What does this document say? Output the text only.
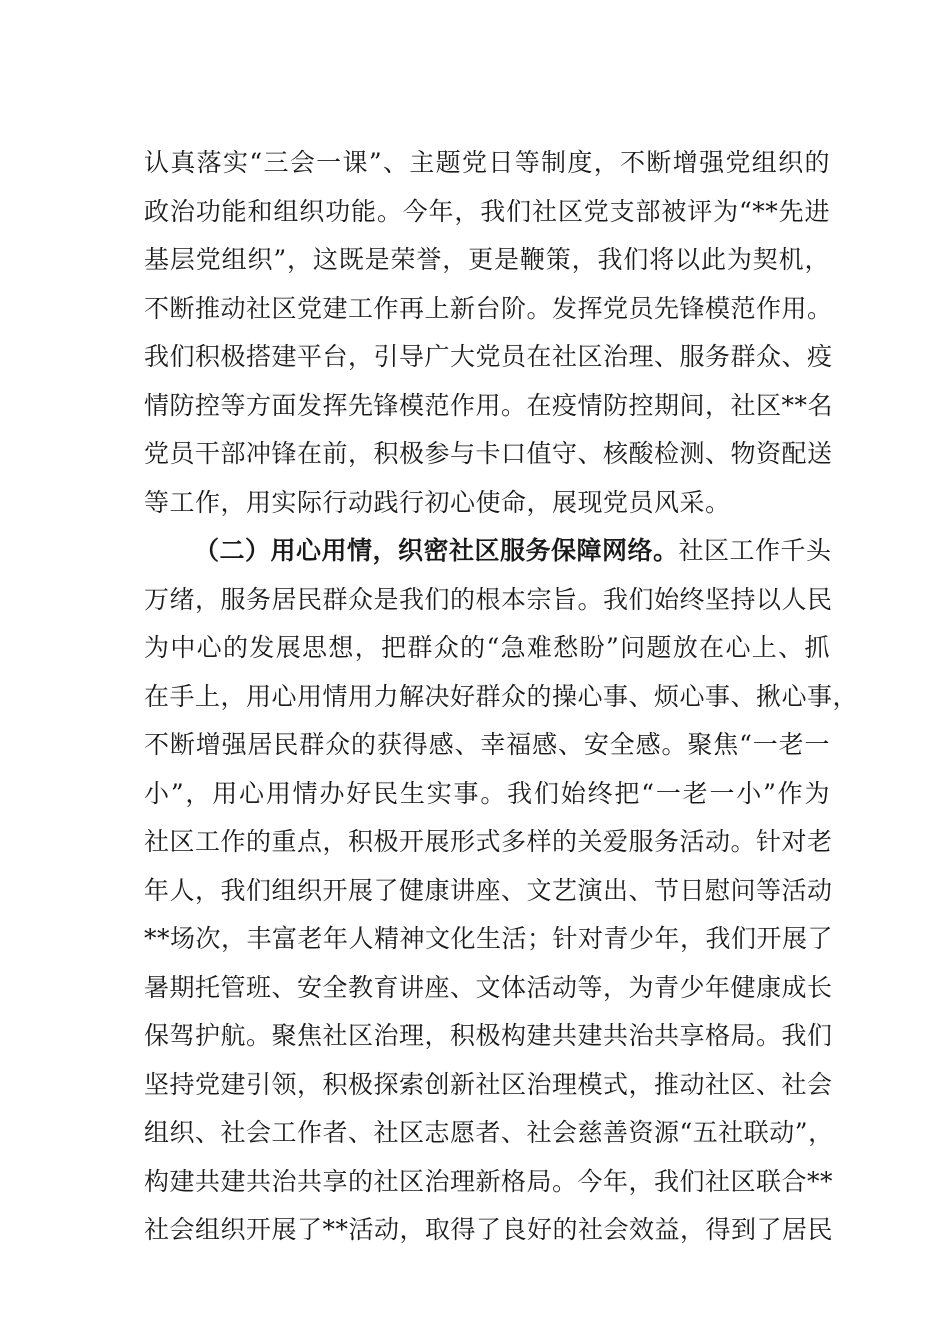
认真落实“三会一课”、主题党日等制度，不断增强党组织的
政治功能和组织功能。今年，我们社区党支部被评为“**先进
基层党组织”，这既是荣誉，更是鞭策，我们将以此为契机，
不断推动社区党建工作再上新台阶。发挥党员先锋模范作用。
我们积极搭建平台，引导广大党员在社区治理、服务群众、疫
情防控等方面发挥先锋模范作用。在疫情防控期间，社区**名
党员干部冲锋在前，积极参与卡口值守、核酸检测、物资配送
等工作，用实际行动践行初心使命，展现党员风采。
（二）用心用情，织密社区服务保障网络。社区工作千头
万绪，服务居民群众是我们的根本宗旨。我们始终坚持以人民
为中心的发展思想，把群众的“急难愁盼”问题放在心上、抓
在手上，用心用情用力解决好群众的操心事、烦心事、揪心事，
不断增强居民群众的获得感、幸福感、安全感。聚焦“一老一
小”，用心用情办好民生实事。我们始终把“一老一小”作为
社区工作的重点，积极开展形式多样的关爱服务活动。针对老
年人，我们组织开展了健康讲座、文艺演出、节日慰问等活动
**场次，丰富老年人精神文化生活；针对青少年，我们开展了
暑期托管班、安全教育讲座、文体活动等，为青少年健康成长
保驾护航。聚焦社区治理，积极构建共建共治共享格局。我们
坚持党建引领，积极探索创新社区治理模式，推动社区、社会
组织、社会工作者、社区志愿者、社会慈善资源“五社联动”，
构建共建共治共享的社区治理新格局。今年，我们社区联合**
社会组织开展了**活动，取得了良好的社会效益，得到了居民
